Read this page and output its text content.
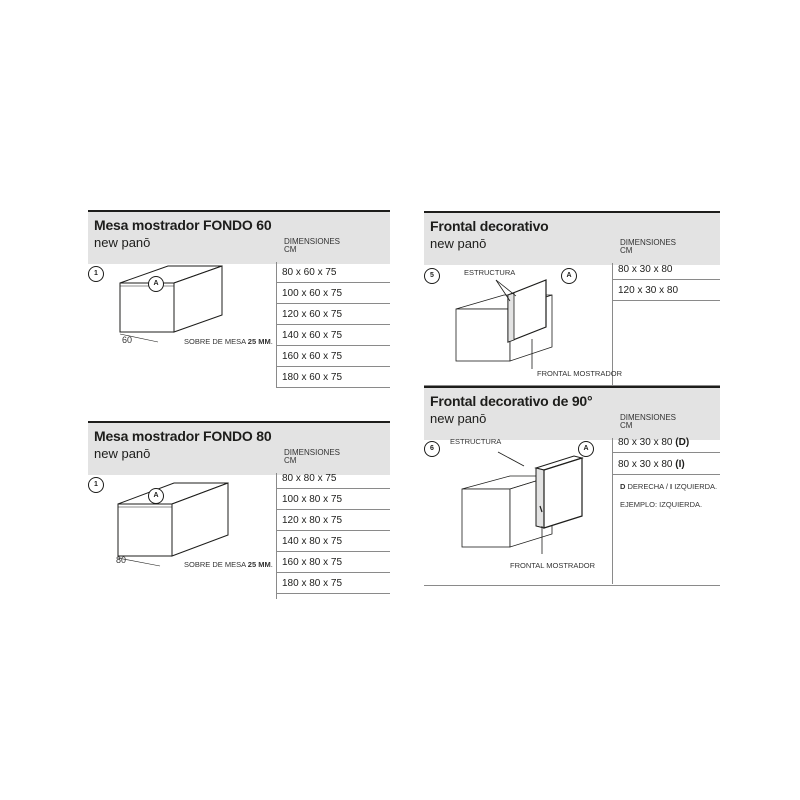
Mesa mostrador FONDO 60
new panō	DIMENSIONES
CM
1
A
60	SOBRE DE MESA 25 MM.
80 x 60 x 75
100 x 60 x 75
120 x 60 x 75
140 x 60 x 75
160 x 60 x 75
180 x 60 x 75
Mesa mostrador FONDO 80
new panō	DIMENSIONES
CM
1
A
80	SOBRE DE MESA 25 MM.
80 x 80 x 75
100 x 80 x 75
120 x 80 x 75
140 x 80 x 75
160 x 80 x 75
180 x 80 x 75
Frontal decorativo
new panō	DIMENSIONES
CM
5	A
ESTRUCTURA
FRONTAL MOSTRADOR
80 x 30 x 80
120 x 30 x 80
Frontal decorativo de 90°
new panō	DIMENSIONES
CM
6	A
ESTRUCTURA
FRONTAL MOSTRADOR
80 x 30 x 80 (D)
80 x 30 x 80 (I)
D DERECHA / I IZQUIERDA.
EJEMPLO: IZQUIERDA.
